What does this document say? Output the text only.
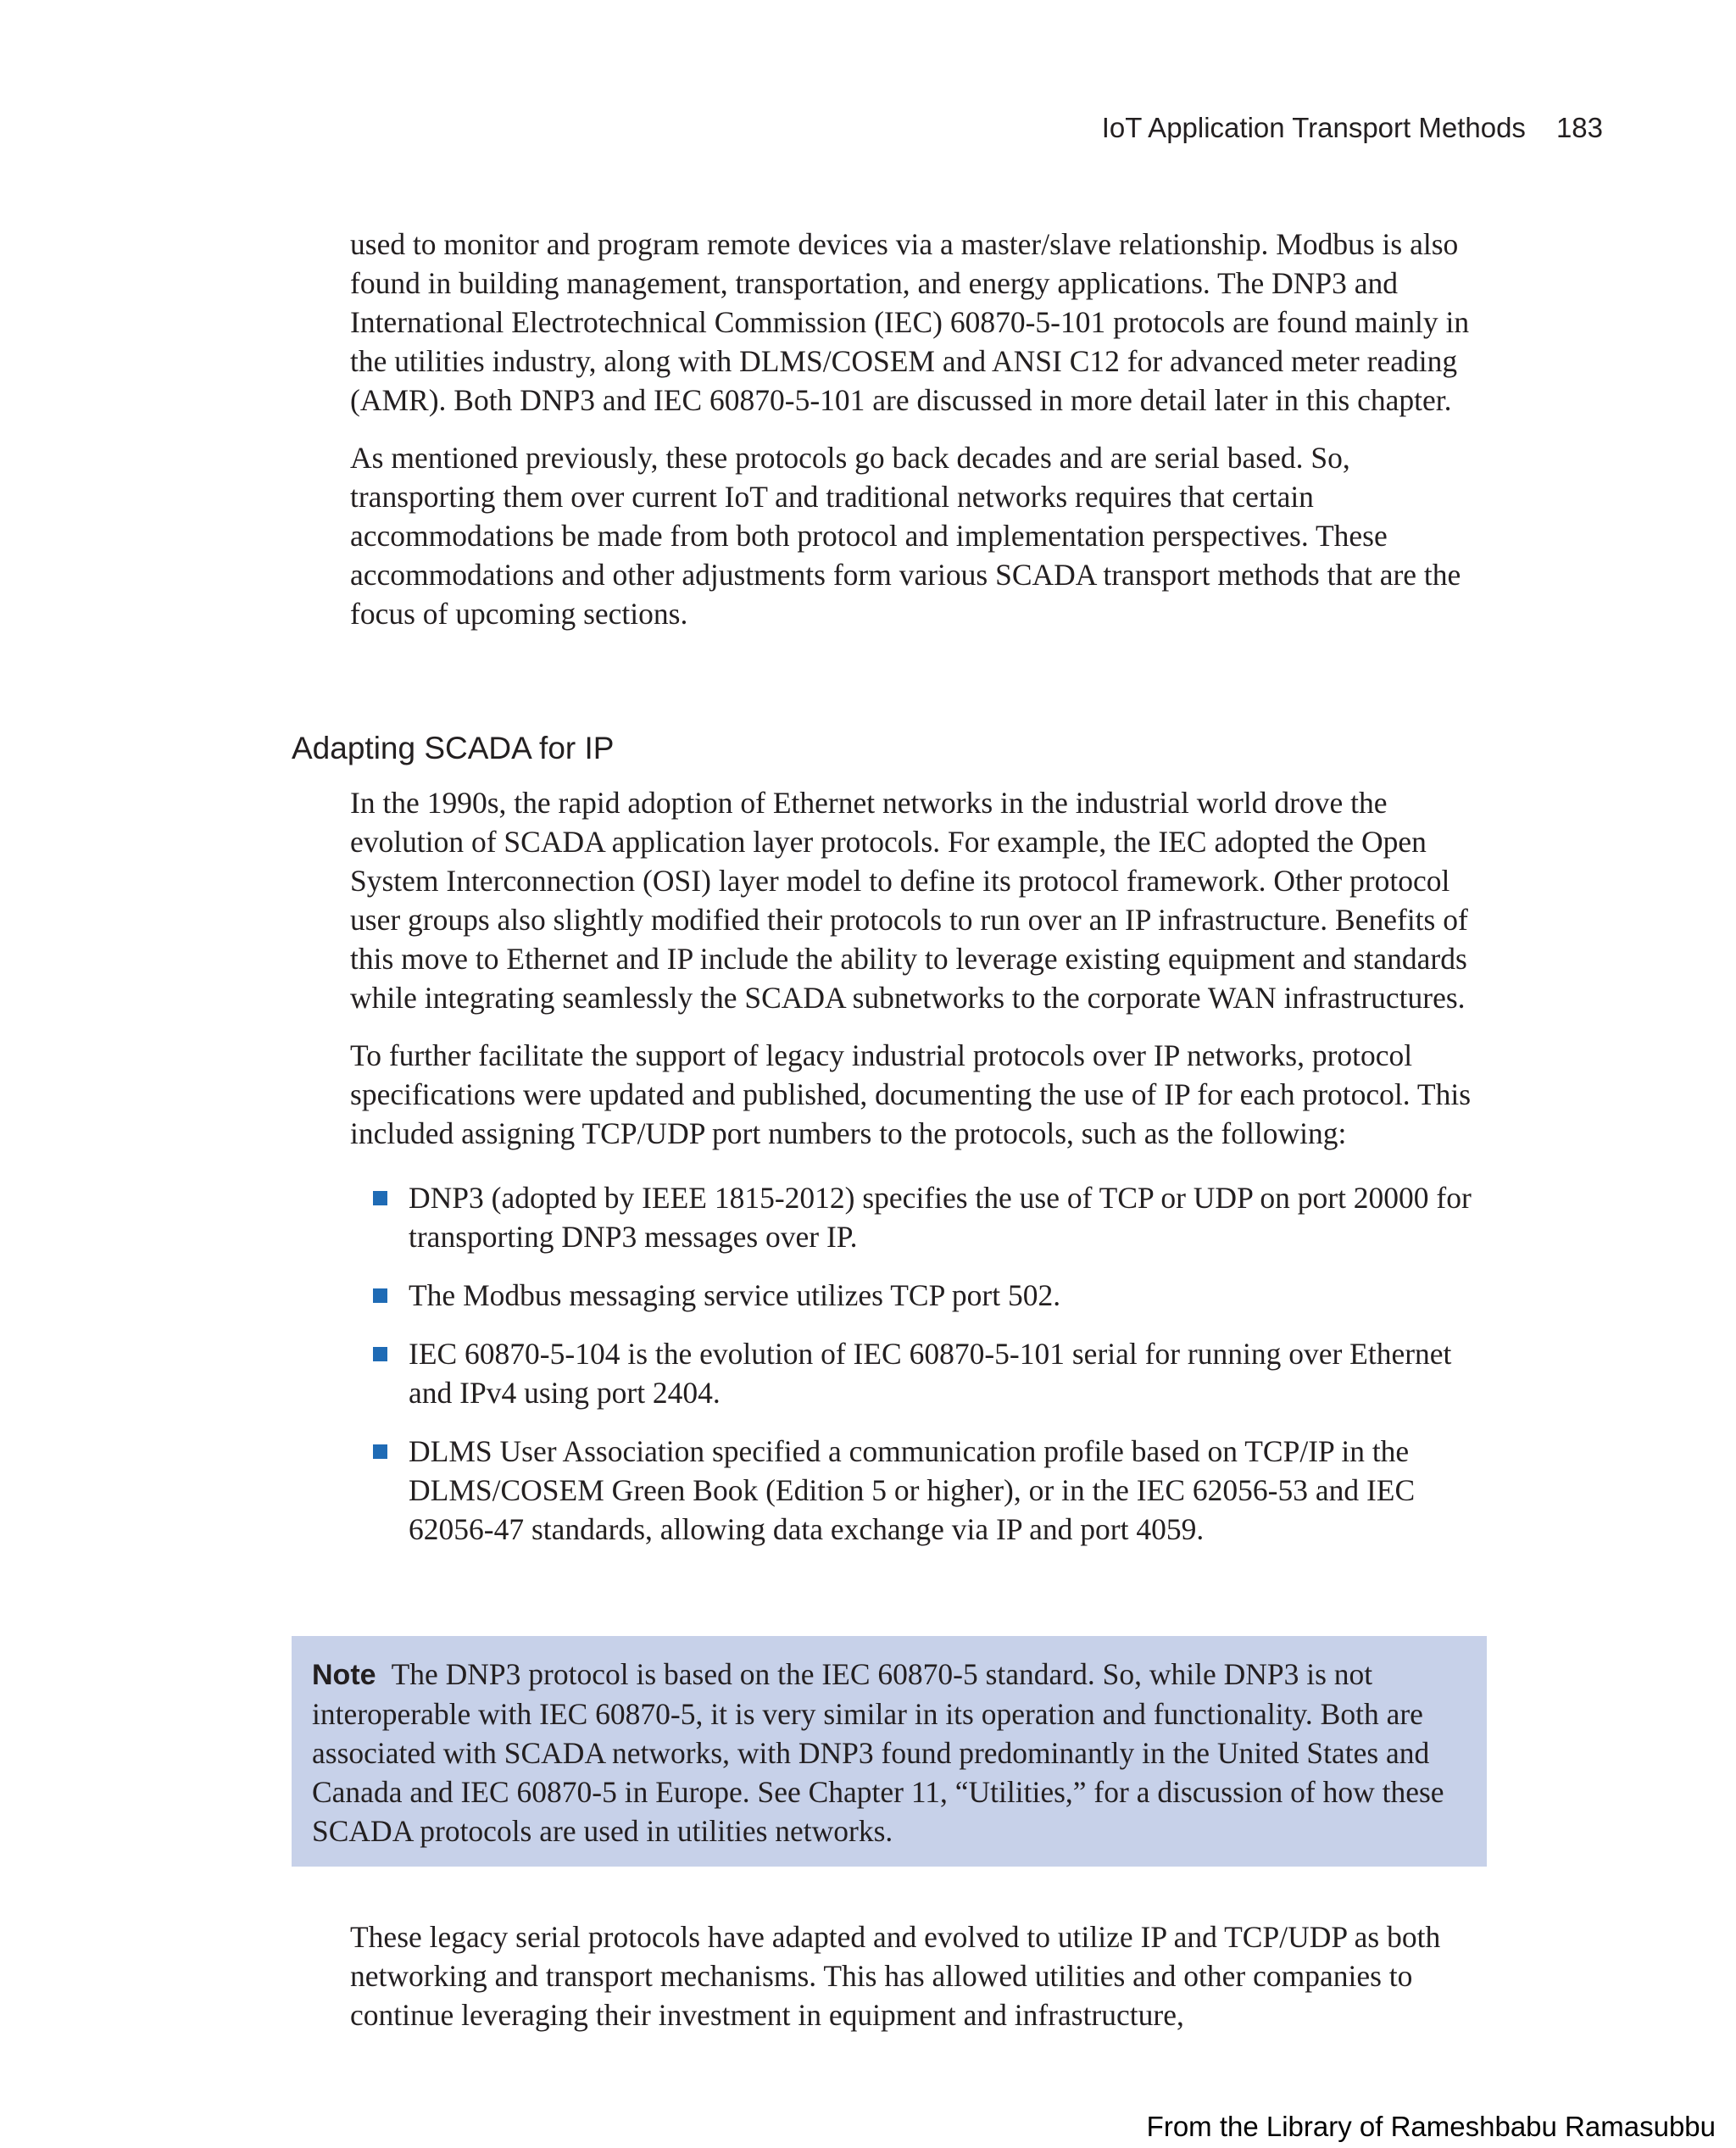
IoT Application Transport Methods 183

used to monitor and program remote devices via a master/slave relationship. Modbus is also found in building management, transportation, and energy applications. The DNP3 and International Electrotechnical Commission (IEC) 60870-5-101 protocols are found mainly in the utilities industry, along with DLMS/COSEM and ANSI C12 for advanced meter reading (AMR). Both DNP3 and IEC 60870-5-101 are discussed in more detail later in this chapter.

As mentioned previously, these protocols go back decades and are serial based. So, transporting them over current IoT and traditional networks requires that certain accommodations be made from both protocol and implementation perspectives. These accommodations and other adjustments form various SCADA transport methods that are the focus of upcoming sections.

Adapting SCADA for IP

In the 1990s, the rapid adoption of Ethernet networks in the industrial world drove the evolution of SCADA application layer protocols. For example, the IEC adopted the Open System Interconnection (OSI) layer model to define its protocol framework. Other protocol user groups also slightly modified their protocols to run over an IP infrastructure. Benefits of this move to Ethernet and IP include the ability to leverage existing equipment and standards while integrating seamlessly the SCADA subnetworks to the corporate WAN infrastructures.

To further facilitate the support of legacy industrial protocols over IP networks, protocol specifications were updated and published, documenting the use of IP for each protocol. This included assigning TCP/UDP port numbers to the protocols, such as the following:

DNP3 (adopted by IEEE 1815-2012) specifies the use of TCP or UDP on port 20000 for transporting DNP3 messages over IP.
The Modbus messaging service utilizes TCP port 502.
IEC 60870-5-104 is the evolution of IEC 60870-5-101 serial for running over Ethernet and IPv4 using port 2404.
DLMS User Association specified a communication profile based on TCP/IP in the DLMS/COSEM Green Book (Edition 5 or higher), or in the IEC 62056-53 and IEC 62056-47 standards, allowing data exchange via IP and port 4059.
Note The DNP3 protocol is based on the IEC 60870-5 standard. So, while DNP3 is not interoperable with IEC 60870-5, it is very similar in its operation and functionality. Both are associated with SCADA networks, with DNP3 found predominantly in the United States and Canada and IEC 60870-5 in Europe. See Chapter 11, “Utilities,” for a discussion of how these SCADA protocols are used in utilities networks.

These legacy serial protocols have adapted and evolved to utilize IP and TCP/UDP as both networking and transport mechanisms. This has allowed utilities and other companies to continue leveraging their investment in equipment and infrastructure,

From the Library of Rameshbabu Ramasubbu
